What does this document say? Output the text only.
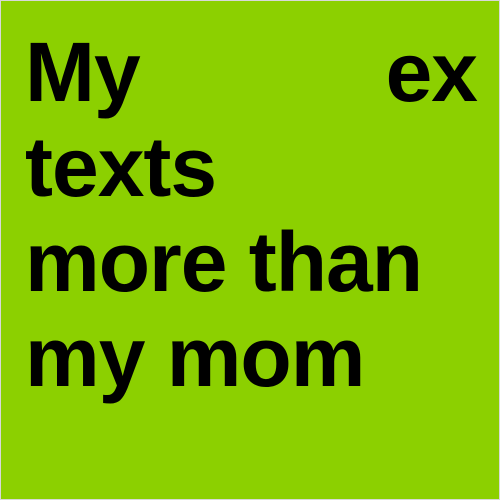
My	ex
texts
more than
my mom
